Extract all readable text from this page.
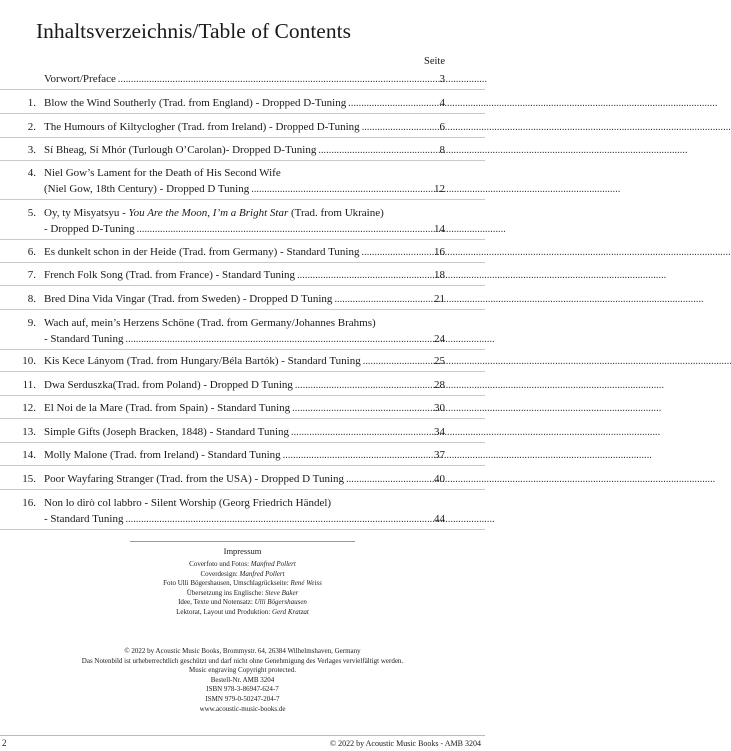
Inhaltsverzeichnis/Table of Contents
Seite
Vorwort/Preface . . .	3
1. Blow the Wind Southerly (Trad. from England) - Dropped D-Tuning . . .	4
2. The Humours of Kiltyclogher (Trad. from Ireland) - Dropped D-Tuning . . .	6
3. Sí Bheag, Sí Mhór (Turlough O’Carolan)- Dropped D-Tuning . . .	8
4. Niel Gow’s Lament for the Death of His Second Wife
(Niel Gow, 18th Century) - Dropped D Tuning . . .	12
5. Oy, ty Misyatsyu - You Are the Moon, I’m a Bright Star (Trad. from Ukraine)
- Dropped D-Tuning . . .	14
6. Es dunkelt schon in der Heide (Trad. from Germany) - Standard Tuning . . .	16
7. French Folk Song (Trad. from France) - Standard Tuning . . .	18
8. Bred Dina Vida Vingar (Trad. from Sweden) - Dropped D Tuning . . .	21
9. Wach auf, mein’s Herzens Schöne (Trad. from Germany/Johannes Brahms)
- Standard Tuning . . .	24
10. Kis Kece Lányom (Trad. from Hungary/Béla Bartók) - Standard Tuning . . .	25
11. Dwa Serduszka(Trad. from Poland) - Dropped D Tuning . . .	28
12. El Noi de la Mare (Trad. from Spain) - Standard Tuning . . .	30
13. Simple Gifts (Joseph Bracken, 1848) - Standard Tuning . . .	34
14. Molly Malone (Trad. from Ireland) - Standard Tuning . . .	37
15. Poor Wayfaring Stranger (Trad. from the USA) - Dropped D Tuning . . .	40
16. Non lo dirò col labbro - Silent Worship (Georg Friedrich Händel)
- Standard Tuning . . .	44
Impressum
Coverfoto und Fotos: Manfred Pollert
Coverdesign: Manfred Pollert
Foto Ulli Bögershausen, Umschlagrückseite: René Weiss
Übersetzung ins Englische: Steve Baker
Idee, Texte und Notensatz: Ulli Bögershausen
Lektorat, Layout und Produktion: Gerd Kratzat
© 2022 by Acoustic Music Books, Brommystr. 64, 26384 Wilhelmshaven, Germany
Das Notenbild ist urheberrechtlich geschützt und darf nicht ohne Genehmigung des Verlages vervielfältigt werden.
Music engraving Copyright protected.
Bestell-Nr. AMB 3204
ISBN 978-3-86947-624-7
ISMN 979-0-50247-204-7
www.acoustic-music-books.de
2	© 2022 by Acoustic Music Books - AMB 3204
